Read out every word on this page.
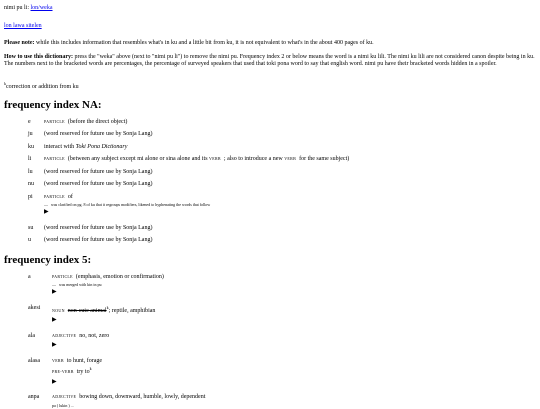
nimi pu li: lon/weka
lon lawa sitelen

Please note: while this includes information that resembles what's in ku and a little bit from ku, it is not equivalent to what's in the about 400 pages of ku.

How to use this dictionary: press the "weka" above (next to "nimi pu li") to remove the nimi pu. Frequency index 2 or below means the word is a nimi ku lili. The nimi ku lili are not considered canon despite being in ku. The numbers next to the bracketed words are percentages, the percentage of surveyed speakers that used that toki pona word to say that english word. nimi pu have their bracketed words hidden in a spoiler.

$^k$correction or addition from ku
frequency index NA:
e	PARTICLE (before the direct object)
ju	(word reserved for future use by Sonja Lang)
ku	interact with Toki Pona Dictionary
li	PARTICLE (between any subject except mi alone or sina alone and its VERB ; also to introduce a new VERB for the same subject)
lu	(word reserved for future use by Sonja Lang)
nu	(word reserved for future use by Sonja Lang)
pi	PARTICLE of
— was clarified on pg. 8 of ku that it regroups modifiers, likened to hyphenating the words that follow
▶
su	(word reserved for future use by Sonja Lang)
u	(word reserved for future use by Sonja Lang)
frequency index 5:
a	PARTICLE (emphasis, emotion or confirmation)
— was merged with kin in pu
▶
akesi	NOUN non-cute animal$^k$; reptile, amphibian
▶
ala	ADJECTIVE no, not, zero
▶
alasa	VERB to hunt, forage
PRE-VERB try $to^k$
▶
anpa	ADJECTIVE bowing down, downward, humble, lowly, dependent
pa ( lukin ) ...
